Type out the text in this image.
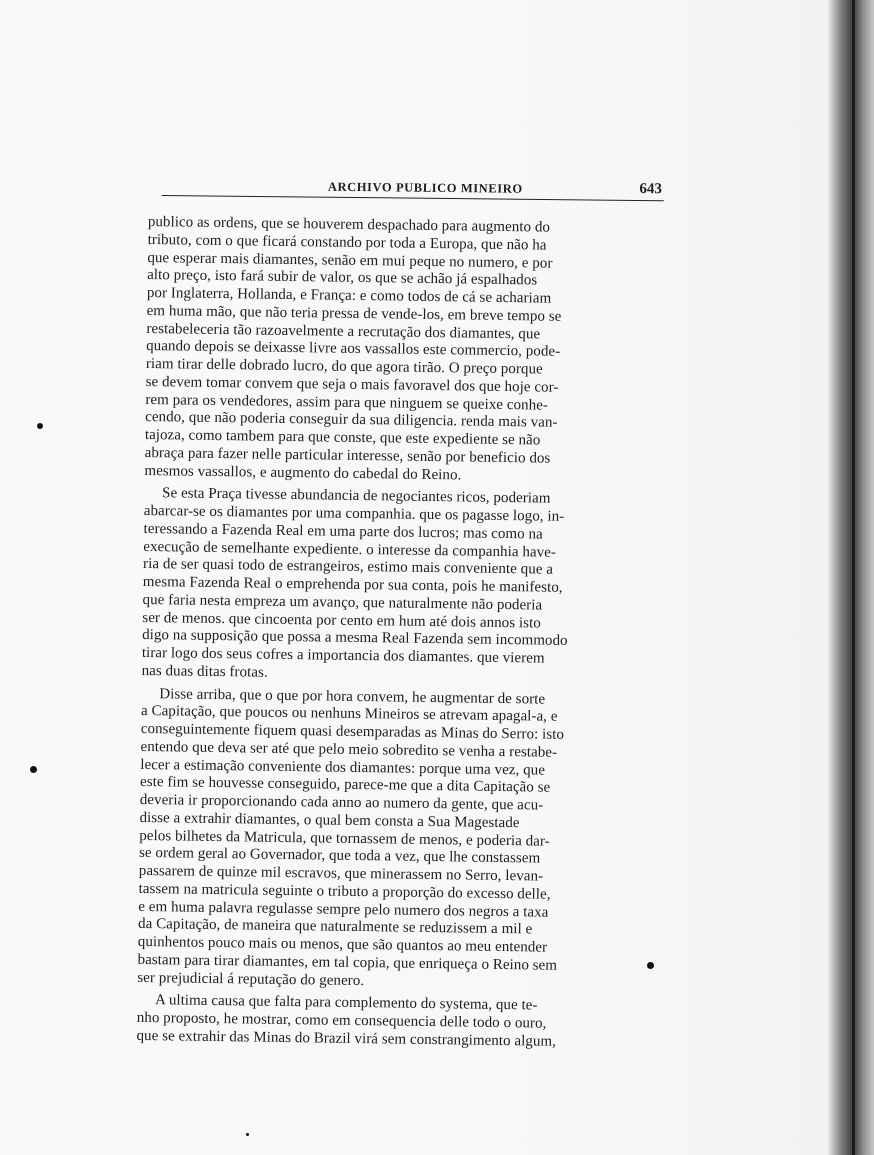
ARCHIVO PUBLICO MINEIRO	643
publico as ordens, que se houverem despachado para augmento do
tributo, com o que ficará constando por toda a Europa, que não ha
que esperar mais diamantes, senão em mui peque no numero, e por
alto preço, isto fará subir de valor, os que se achão já espalhados
por Inglaterra, Hollanda, e França: e como todos de cá se achariam
em huma mão, que não teria pressa de vende-los, em breve tempo se
restabeleceria tão razoavelmente a recrutação dos diamantes, que
quando depois se deixasse livre aos vassallos este commercio, pode-
riam tirar delle dobrado lucro, do que agora tirão. O preço porque
se devem tomar convem que seja o mais favoravel dos que hoje cor-
rem para os vendedores, assim para que ninguem se queixe conhe-
cendo, que não poderia conseguir da sua diligencia. renda mais van-
tajoza, como tambem para que conste, que este expediente se não
abraça para fazer nelle particular interesse, senão por beneficio dos
mesmos vassallos, e augmento do cabedal do Reino.
Se esta Praça tivesse abundancia de negociantes ricos, poderiam
abarcar-se os diamantes por uma companhia. que os pagasse logo, in-
teressando a Fazenda Real em uma parte dos lucros; mas como na
execução de semelhante expediente. o interesse da companhia have-
ria de ser quasi todo de estrangeiros, estimo mais conveniente que a
mesma Fazenda Real o emprehenda por sua conta, pois he manifesto,
que faria nesta empreza um avanço, que naturalmente não poderia
ser de menos. que cincoenta por cento em hum até dois annos isto
digo na supposição que possa a mesma Real Fazenda sem incommodo
tirar logo dos seus cofres a importancia dos diamantes. que vierem
nas duas ditas frotas.
Disse arriba, que o que por hora convem, he augmentar de sorte
a Capitação, que poucos ou nenhuns Mineiros se atrevam apagal-a, e
conseguintemente fiquem quasi desemparadas as Minas do Serro: isto
entendo que deva ser até que pelo meio sobredito se venha a restabe-
lecer a estimação conveniente dos diamantes: porque uma vez, que
este fim se houvesse conseguido, parece-me que a dita Capitação se
deveria ir proporcionando cada anno ao numero da gente, que acu-
disse a extrahir diamantes, o qual bem consta a Sua Magestade
pelos bilhetes da Matricula, que tornassem de menos, e poderia dar-
se ordem geral ao Governador, que toda a vez, que lhe constassem
passarem de quinze mil escravos, que minerassem no Serro, levan-
tassem na matricula seguinte o tributo a proporção do excesso delle,
e em huma palavra regulasse sempre pelo numero dos negros a taxa
da Capitação, de maneira que naturalmente se reduzissem a mil e
quinhentos pouco mais ou menos, que são quantos ao meu entender
bastam para tirar diamantes, em tal copia, que enriqueça o Reino sem
ser prejudicial á reputação do genero.
A ultima causa que falta para complemento do systema, que te-
nho proposto, he mostrar, como em consequencia delle todo o ouro,
que se extrahir das Minas do Brazil virá sem constrangimento algum,
